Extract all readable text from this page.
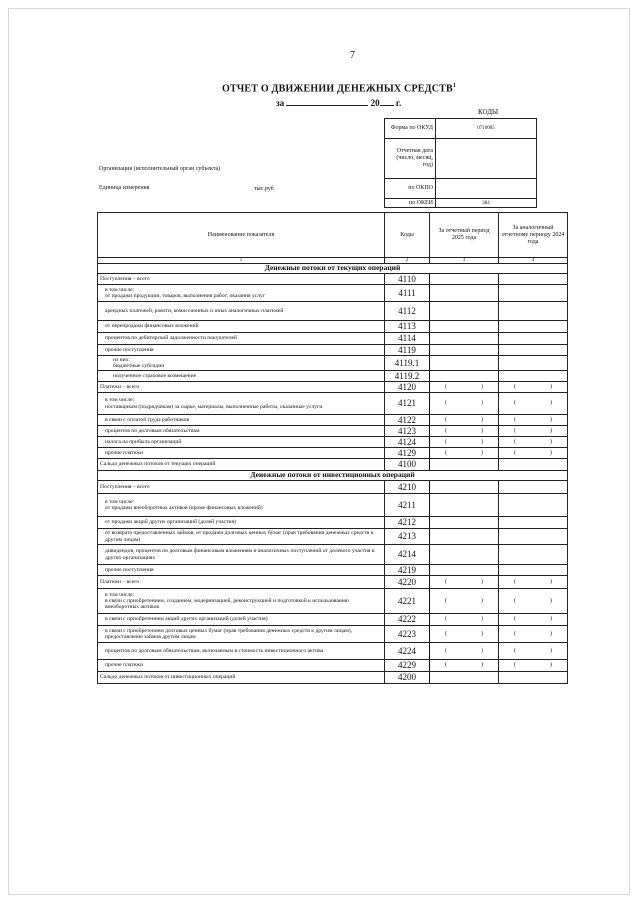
7
ОТЧЕТ О ДВИЖЕНИИ ДЕНЕЖНЫХ СРЕДСТВ$^1$
за	20 г.
КОДЫ
Форма по ОКУД	0710005
Отчетная дата (число, месяц, год)	
по ОКПО	
по ОКЕИ	384
Организация (исполнительный орган субъекта)
Единица измерения	тыс.руб
Наименование показателя	Коды	За отчетный период 2025 года	За аналогичный отчетному периоду 2024 года
1	2	3	4
Денежные потоки от текущих операций			
Поступления – всего	4110		
в том числе:
от продажи продукции, товаров, выполнения работ, оказания услуг	4111		
арендных платежей, роялти, комиссионных и иных аналогичных платежей	4112		
от перепродажи финансовых вложений	4113		
процентов по дебиторской задолженности покупателей	4114		
прочие поступления	4119		
из них:
бюджетные субсидии	4119.1		
полученное страховое возмещение	4119.2		
Платежи – всего	4120	( )	( )
в том числе:
поставщикам (подрядчикам) за сырье, материалы, выполненные работы, оказанные услуги	4121	( )	( )
в связи с оплатой труда работников	4122	( )	( )
процентов по долговым обязательствам	4123	( )	( )
налога на прибыль организаций	4124	( )	( )
прочие платежи	4129	( )	( )
Сальдо денежных потоков от текущих операций	4100		
Денежные потоки от инвестиционных операций			
Поступления – всего	4210		
в том числе:
от продажи внеоборотных активов (кроме финансовых вложений)	4211		
от продажи акций других организаций (долей участия)	4212		
от возврата предоставленных займов, от продажи долговых ценных бумаг (прав требования денежных средств к другим лицам)	4213		
дивидендов, процентов по долговым финансовым вложениям и аналогичных поступлений от долевого участия в других организациях	4214		
прочие поступления	4219		
Платежи – всего	4220	( )	( )
в том числе:
в связи с приобретением, созданием, модернизацией, реконструкцией и подготовкой к использованию внеоборотных активов	4221	( )	( )
в связи с приобретением акций других организаций (долей участия)	4222	( )	( )
в связи с приобретением долговых ценных бумаг (прав требования денежных средств к другим лицам), предоставление займов другим лицам	4223	( )	( )
процентов по долговым обязательствам, включаемым в стоимость инвестиционного актива	4224	( )	( )
прочие платежи	4229	( )	( )
Сальдо денежных потоков от инвестиционных операций	4200		
